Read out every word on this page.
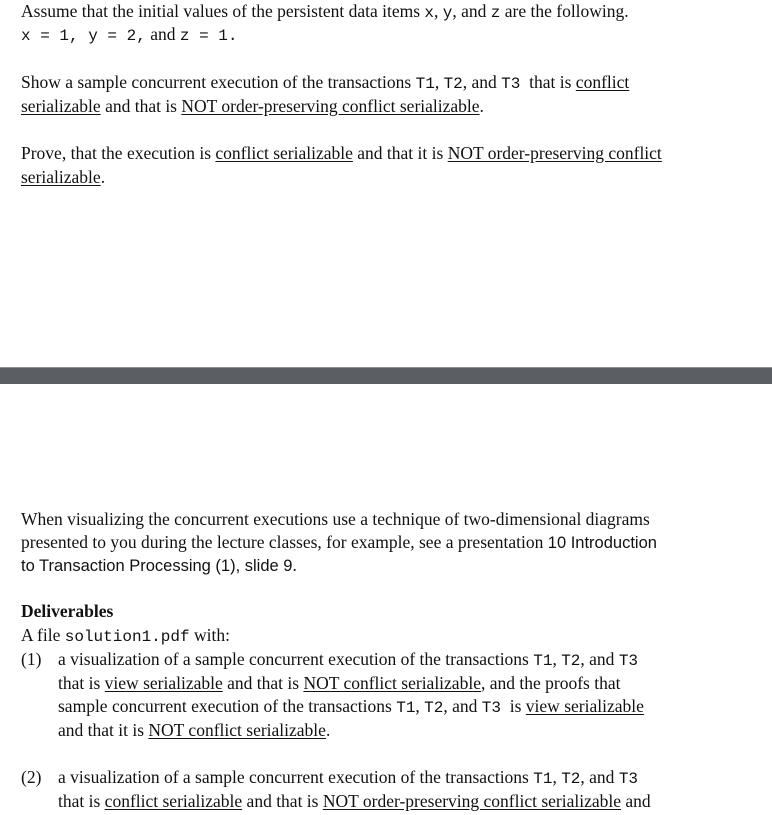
Assume that the initial values of the persistent data items x, y, and z are the following.
x = 1, y = 2, and z = 1.
Show a sample concurrent execution of the transactions T1, T2, and T3  that is conflict
serializable and that is NOT order-preserving conflict serializable.
Prove, that the execution is conflict serializable and that it is NOT order-preserving conflict
serializable.
When visualizing the concurrent executions use a technique of two-dimensional diagrams
presented to you during the lecture classes, for example, see a presentation 10 Introduction
to Transaction Processing (1), slide 9.
Deliverables
A file solution1.pdf with:
(1) a visualization of a sample concurrent execution of the transactions T1, T2, and T3
that is view serializable and that is NOT conflict serializable, and the proofs that
sample concurrent execution of the transactions T1, T2, and T3  is view serializable
and that it is NOT conflict serializable.
(2) a visualization of a sample concurrent execution of the transactions T1, T2, and T3
that is conflict serializable and that is NOT order-preserving conflict serializable and
